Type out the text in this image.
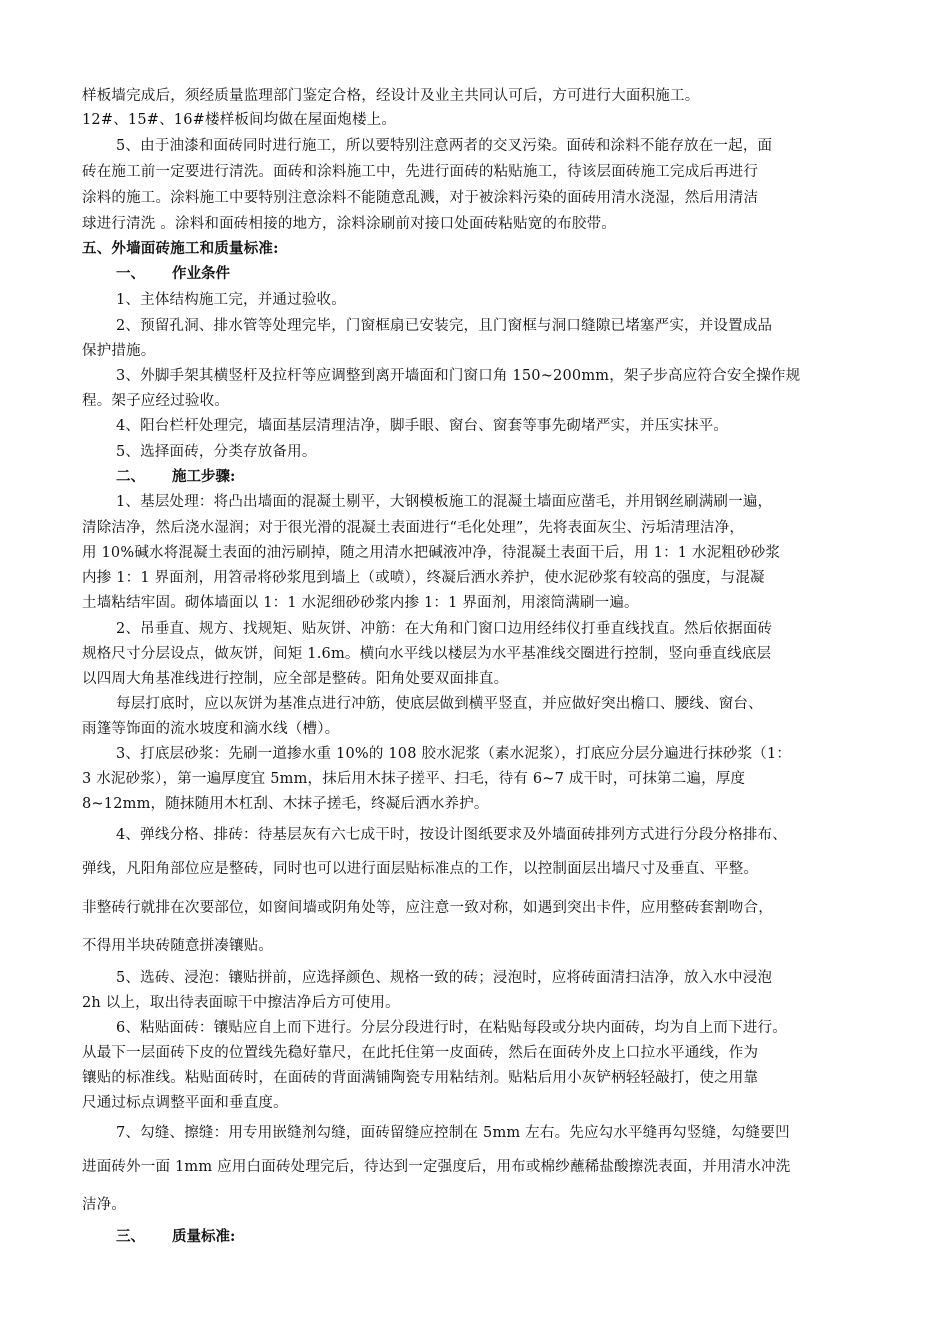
样板墙完成后，须经质量监理部门鉴定合格，经设计及业主共同认可后，方可进行大面积施工。
12#、15#、16#楼样板间均做在屋面炮楼上。
5、由于油漆和面砖同时进行施工，所以要特别注意两者的交叉污染。面砖和涂料不能存放在一起，面
砖在施工前一定要进行清洗。面砖和涂料施工中，先进行面砖的粘贴施工，待该层面砖施工完成后再进行
涂料的施工。涂料施工中要特别注意涂料不能随意乱溅，对于被涂料污染的面砖用清水浇湿，然后用清洁
球进行清洗 。涂料和面砖相接的地方，涂料涂刷前对接口处面砖粘贴宽的布胶带。
五、外墙面砖施工和质量标准:
一、 作业条件
1、主体结构施工完，并通过验收。
2、预留孔洞、排水管等处理完毕，门窗框扇已安装完，且门窗框与洞口缝隙已堵塞严实，并设置成品
保护措施。
3、外脚手架其横竖杆及拉杆等应调整到离开墙面和门窗口角 150~200mm，架子步高应符合安全操作规
程。架子应经过验收。
4、阳台栏杆处理完，墙面基层清理洁净，脚手眼、窗台、窗套等事先砌堵严实，并压实抹平。
5、选择面砖，分类存放备用。
二、 施工步骤:
1、基层处理：将凸出墙面的混凝土剔平，大钢模板施工的混凝土墙面应凿毛，并用钢丝刷满刷一遍，
清除洁净，然后浇水湿润；对于很光滑的混凝土表面进行“毛化处理”，先将表面灰尘、污垢清理洁净，
用 10%碱水将混凝土表面的油污刷掉，随之用清水把碱液冲净，待混凝土表面干后，用 1：1 水泥粗砂砂浆
内掺 1：1 界面剂，用笤帚将砂浆甩到墙上（或喷），终凝后洒水养护，使水泥砂浆有较高的强度，与混凝
土墙粘结牢固。砌体墙面以 1：1 水泥细砂砂浆内掺 1：1 界面剂，用滚筒满刷一遍。
2、吊垂直、规方、找规矩、贴灰饼、冲筋：在大角和门窗口边用经纬仪打垂直线找直。然后依据面砖
规格尺寸分层设点，做灰饼，间矩 1.6m。横向水平线以楼层为水平基准线交圈进行控制，竖向垂直线底层
以四周大角基准线进行控制，应全部是整砖。阳角处要双面排直。
每层打底时，应以灰饼为基准点进行冲筋，使底层做到横平竖直，并应做好突出檐口、腰线、窗台、
雨篷等饰面的流水坡度和滴水线（槽）。
3、打底层砂浆：先刷一道掺水重 10%的 108 胶水泥浆（素水泥浆），打底应分层分遍进行抹砂浆（1：
3 水泥砂浆），第一遍厚度宜 5mm，抹后用木抹子搓平、扫毛，待有 6~7 成干时，可抹第二遍，厚度
8~12mm，随抹随用木杠刮、木抹子搓毛，终凝后洒水养护。
4、弹线分格、排砖：待基层灰有六七成干时，按设计图纸要求及外墙面砖排列方式进行分段分格排布、
弹线，凡阳角部位应是整砖，同时也可以进行面层贴标准点的工作，以控制面层出墙尺寸及垂直、平整。
非整砖行就排在次要部位，如窗间墙或阴角处等，应注意一致对称，如遇到突出卡件，应用整砖套割吻合，
不得用半块砖随意拼凑镶贴。
5、选砖、浸泡：镶贴拼前，应选择颜色、规格一致的砖；浸泡时，应将砖面清扫洁净，放入水中浸泡
2h 以上，取出待表面晾干中擦洁净后方可使用。
6、粘贴面砖：镶贴应自上而下进行。分层分段进行时，在粘贴每段或分块内面砖，均为自上而下进行。
从最下一层面砖下皮的位置线先稳好靠尺，在此托住第一皮面砖，然后在面砖外皮上口拉水平通线，作为
镶贴的标准线。粘贴面砖时，在面砖的背面满铺陶瓷专用粘结剂。贴粘后用小灰铲柄轻轻敲打，使之用靠
尺通过标点调整平面和垂直度。
7、勾缝、擦缝：用专用嵌缝剂勾缝，面砖留缝应控制在 5mm 左右。先应勾水平缝再勾竖缝，勾缝要凹
进面砖外一面 1mm 应用白面砖处理完后，待达到一定强度后，用布或棉纱蘸稀盐酸擦洗表面，并用清水冲洗
洁净。
三、 质量标准:
